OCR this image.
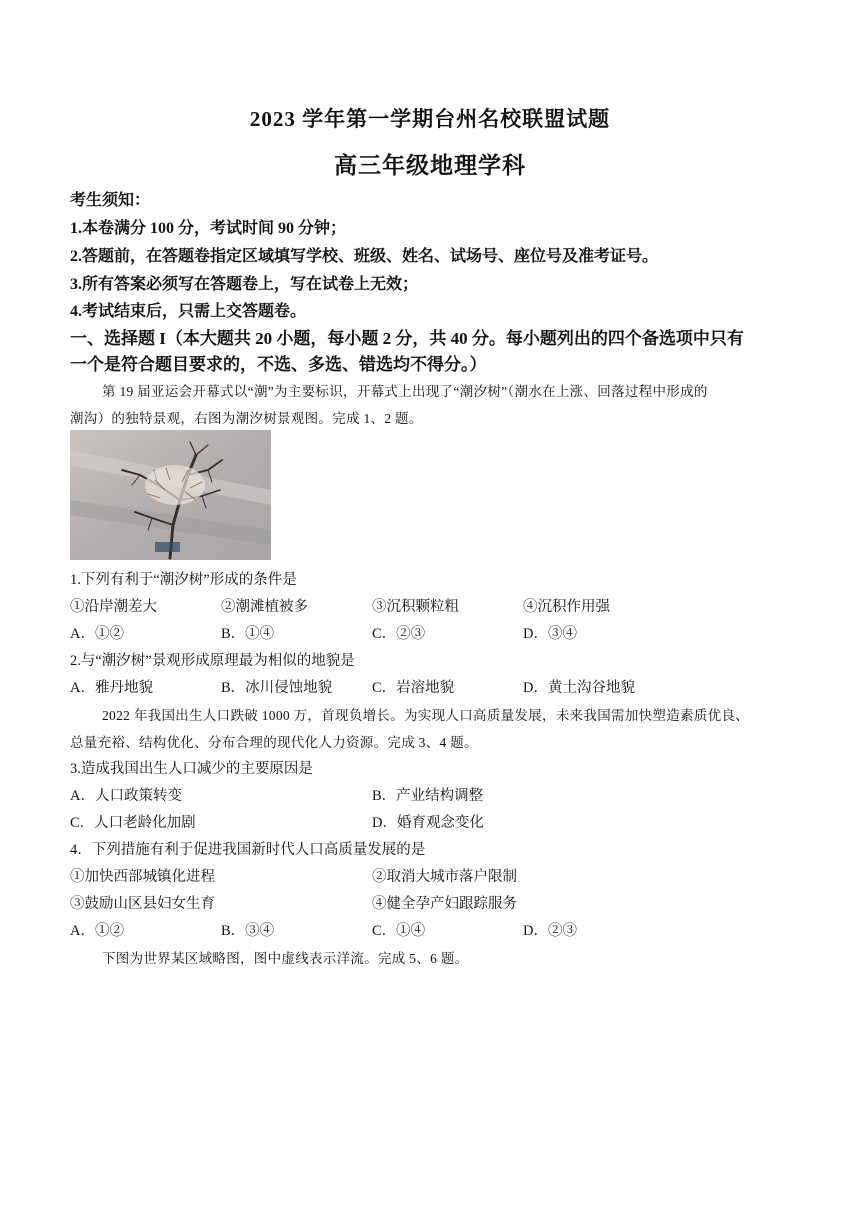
2023 学年第一学期台州名校联盟试题
高三年级地理学科
考生须知：
1.本卷满分 100 分，考试时间 90 分钟；
2.答题前，在答题卷指定区域填写学校、班级、姓名、试场号、座位号及准考证号。
3.所有答案必须写在答题卷上，写在试卷上无效；
4.考试结束后，只需上交答题卷。
一、选择题 I（本大题共 20 小题，每小题 2 分，共 40 分。每小题列出的四个备选项中只有
一个是符合题目要求的，不选、多选、错选均不得分。）
第 19 届亚运会开幕式以“潮”为主要标识，开幕式上出现了“潮汐树”（潮水在上涨、回落过程中形成的
潮沟）的独特景观，右图为潮汐树景观图。完成 1、2 题。
1.下列有利于“潮汐树”形成的条件是
①沿岸潮差大	②潮滩植被多	③沉积颗粒粗	④沉积作用强
A．①②	B．①④	C．②③	D．③④
2.与“潮汐树”景观形成原理最为相似的地貌是
A．雅丹地貌	B．冰川侵蚀地貌	C．岩溶地貌	D．黄土沟谷地貌
2022 年我国出生人口跌破 1000 万，首现负增长。为实现人口高质量发展，未来我国需加快塑造素质优良、
总量充裕、结构优化、分布合理的现代化人力资源。完成 3、4 题。
3.造成我国出生人口减少的主要原因是
A．人口政策转变	B．产业结构调整
C．人口老龄化加剧	D．婚育观念变化
4．下列措施有利于促进我国新时代人口高质量发展的是
①加快西部城镇化进程	②取消大城市落户限制
③鼓励山区县妇女生育	④健全孕产妇跟踪服务
A．①②	B．③④	C．①④	D．②③
下图为世界某区域略图，图中虚线表示洋流。完成 5、6 题。
